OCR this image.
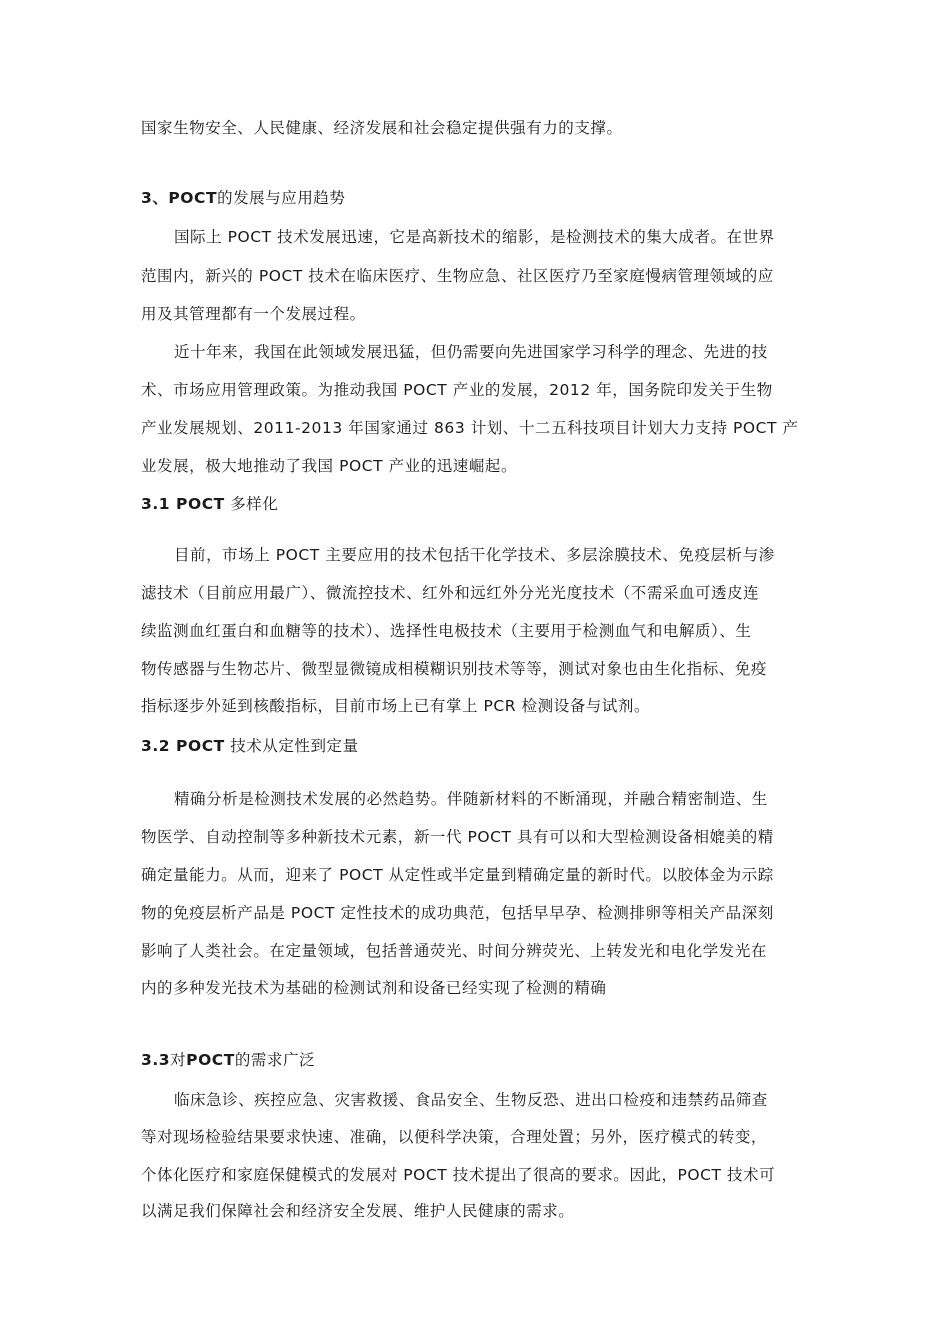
国家生物安全、人民健康、经济发展和社会稳定提供强有力的支撑。
3、POCT的发展与应用趋势
国际上 POCT 技术发展迅速，它是高新技术的缩影，是检测技术的集大成者。在世界
范围内，新兴的 POCT 技术在临床医疗、生物应急、社区医疗乃至家庭慢病管理领域的应
用及其管理都有一个发展过程。
近十年来，我国在此领域发展迅猛，但仍需要向先进国家学习科学的理念、先进的技
术、市场应用管理政策。为推动我国 POCT 产业的发展，2012 年，国务院印发关于生物
产业发展规划、2011-2013 年国家通过 863 计划、十二五科技项目计划大力支持 POCT 产
业发展，极大地推动了我国 POCT 产业的迅速崛起。
3.1 POCT 多样化
目前，市场上 POCT 主要应用的技术包括干化学技术、多层涂膜技术、免疫层析与渗
滤技术（目前应用最广）、微流控技术、红外和远红外分光光度技术（不需采血可透皮连
续监测血红蛋白和血糖等的技术）、选择性电极技术（主要用于检测血气和电解质）、生
物传感器与生物芯片、微型显微镜成相模糊识别技术等等，测试对象也由生化指标、免疫
指标逐步外延到核酸指标，目前市场上已有掌上 PCR 检测设备与试剂。
3.2 POCT 技术从定性到定量
精确分析是检测技术发展的必然趋势。伴随新材料的不断涌现，并融合精密制造、生
物医学、自动控制等多种新技术元素，新一代 POCT 具有可以和大型检测设备相媲美的精
确定量能力。从而，迎来了 POCT 从定性或半定量到精确定量的新时代。以胶体金为示踪
物的免疫层析产品是 POCT 定性技术的成功典范，包括早早孕、检测排卵等相关产品深刻
影响了人类社会。在定量领域，包括普通荧光、时间分辨荧光、上转发光和电化学发光在
内的多种发光技术为基础的检测试剂和设备已经实现了检测的精确
3.3对POCT的需求广泛
临床急诊、疾控应急、灾害救援、食品安全、生物反恐、进出口检疫和违禁药品筛查
等对现场检验结果要求快速、准确，以便科学决策，合理处置；另外，医疗模式的转变，
个体化医疗和家庭保健模式的发展对 POCT 技术提出了很高的要求。因此，POCT 技术可
以满足我们保障社会和经济安全发展、维护人民健康的需求。
